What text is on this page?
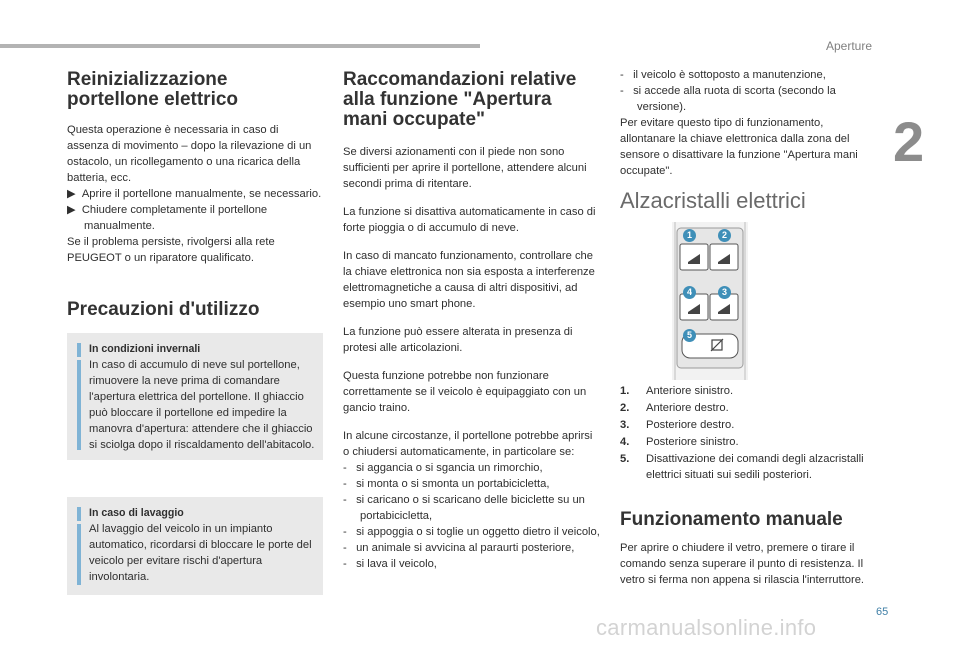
Aperture
2
Reinizializzazione portellone elettrico

Questa operazione è necessaria in caso di assenza di movimento – dopo la rilevazione di un ostacolo, un ricollegamento o una ricarica della batteria, ecc.

▶︎  Aprire il portellone manualmente, se necessario.

▶︎  Chiudere completamente il portellone manualmente.

Se il problema persiste, rivolgersi alla rete PEUGEOT o un riparatore qualificato.

Precauzioni d'utilizzo

In condizioni invernali

In caso di accumulo di neve sul portellone, rimuovere la neve prima di comandare l'apertura elettrica del portellone. Il ghiaccio può bloccare il portellone ed impedire la manovra d'apertura: attendere che il ghiaccio si sciolga dopo il riscaldamento dell'abitacolo.

In caso di lavaggio

Al lavaggio del veicolo in un impianto automatico, ricordarsi di bloccare le porte del veicolo per evitare rischi d'apertura involontaria.

Raccomandazioni relative alla funzione "Apertura mani occupate"

Se diversi azionamenti con il piede non sono sufficienti per aprire il portellone, attendere alcuni secondi prima di ritentare.

La funzione si disattiva automaticamente in caso di forte pioggia o di accumulo di neve.

In caso di mancato funzionamento, controllare che la chiave elettronica non sia esposta a interferenze elettromagnetiche a causa di altri dispositivi, ad esempio uno smart phone.

La funzione può essere alterata in presenza di protesi alle articolazioni.

Questa funzione potrebbe non funzionare correttamente se il veicolo è equipaggiato con un gancio traino.

In alcune circostanze, il portellone potrebbe aprirsi o chiudersi automaticamente, in particolare se:

-   si aggancia o si sgancia un rimorchio,

-   si monta o si smonta un portabicicletta,

-   si caricano o si scaricano delle biciclette su un portabicicletta,

-   si appoggia o si toglie un oggetto dietro il veicolo,

-   un animale si avvicina al paraurti posteriore,

-   si lava il veicolo,

-   il veicolo è sottoposto a manutenzione,

-   si accede alla ruota di scorta (secondo la versione).

Per evitare questo tipo di funzionamento, allontanare la chiave elettronica dalla zona del sensore o disattivare la funzione "Apertura mani occupate".

Alzacristalli elettrici
1	2
4	3
5

1.	Anteriore sinistro.

2.	Anteriore destro.

3.	Posteriore destro.

4.	Posteriore sinistro.

5.	Disattivazione dei comandi degli alzacristalli elettrici situati sui sedili posteriori.

Funzionamento manuale

Per aprire o chiudere il vetro, premere o tirare il comando senza superare il punto di resistenza. Il vetro si ferma non appena si rilascia l'interruttore.

65
carmanualsonline.info
